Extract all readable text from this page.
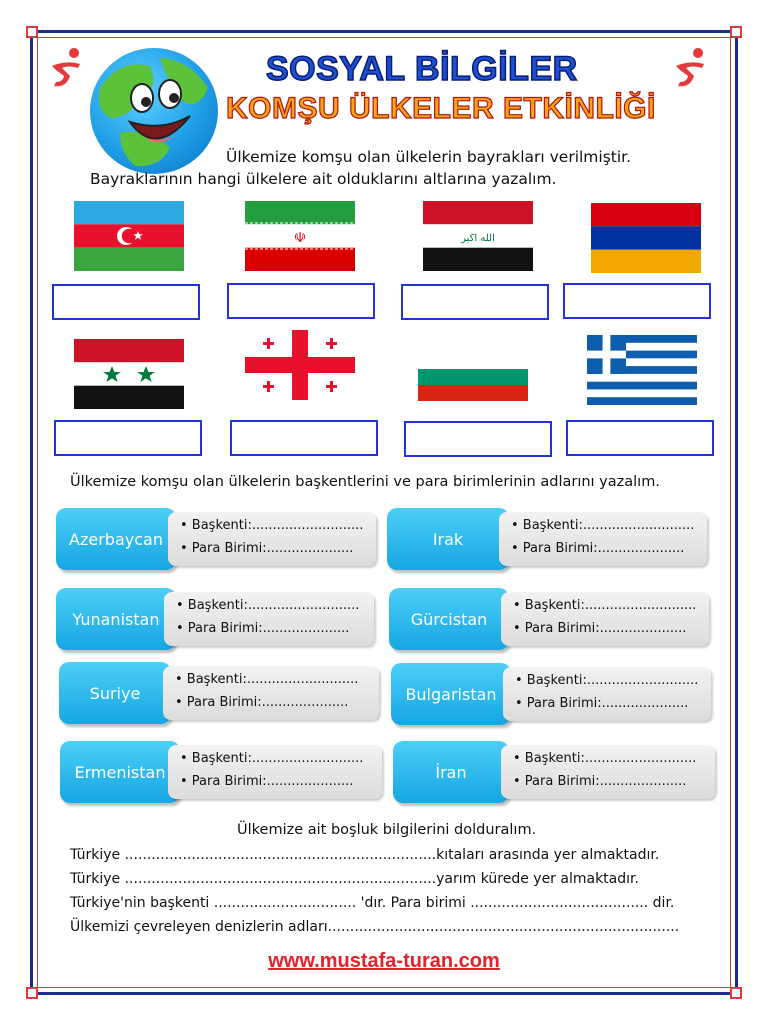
SOSYAL BİLGİLER
KOMŞU ÜLKELER ETKİNLİĞİ
Ülkemize komşu olan ülkelerin bayrakları verilmiştir.
Bayraklarının hangi ülkelere ait olduklarını altlarına yazalım.
☫	الله اكبر
Ülkemize komşu olan ülkelerin başkentlerini ve para birimlerinin adlarını yazalım.
Azerbaycan
• Başkenti:...........................
• Para Birimi:.....................	Irak
• Başkenti:...........................
• Para Birimi:.....................
Yunanistan
• Başkenti:...........................
• Para Birimi:.....................	Gürcistan
• Başkenti:...........................
• Para Birimi:.....................
Suriye
• Başkenti:...........................
• Para Birimi:.....................	Bulgaristan
• Başkenti:...........................
• Para Birimi:.....................
Ermenistan
• Başkenti:...........................
• Para Birimi:.....................	İran
• Başkenti:...........................
• Para Birimi:.....................
Ülkemize ait boşluk bilgilerini dolduralım.
Türkiye ......................................................................kıtaları arasında yer almaktadır.
Türkiye ......................................................................yarım kürede yer almaktadır.
Türkiye'nin başkenti ................................ 'dır. Para birimi ........................................ dir.
Ülkemizi çevreleyen denizlerin adları...............................................................................
www.mustafa-turan.com
